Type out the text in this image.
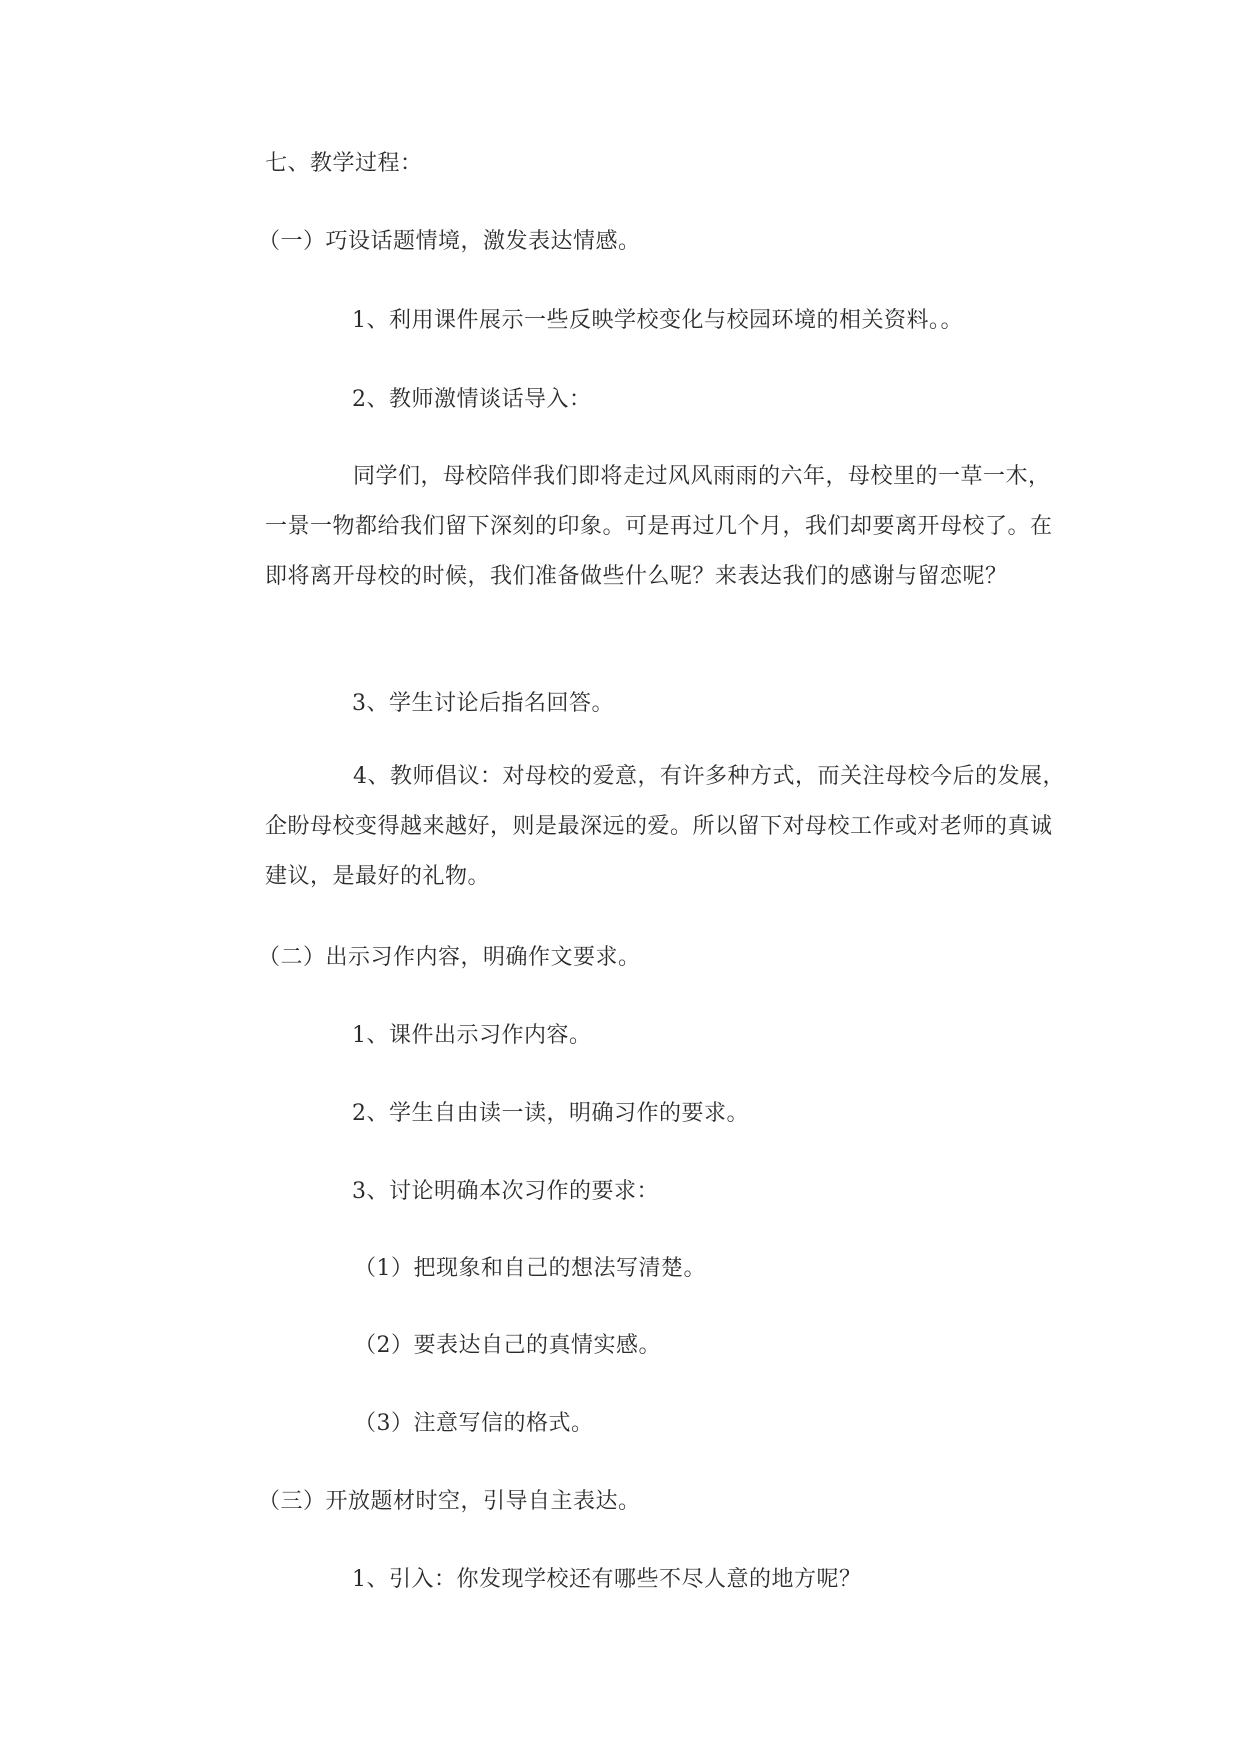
七、教学过程：
（一）巧设话题情境，激发表达情感。
1、利用课件展示一些反映学校变化与校园环境的相关资料。。
2、教师激情谈话导入：
同学们，母校陪伴我们即将走过风风雨雨的六年，母校里的一草一木，一景一物都给我们留下深刻的印象。可是再过几个月，我们却要离开母校了。在即将离开母校的时候，我们准备做些什么呢？来表达我们的感谢与留恋呢？
3、学生讨论后指名回答。
4、教师倡议：对母校的爱意，有许多种方式，而关注母校今后的发展，企盼母校变得越来越好，则是最深远的爱。所以留下对母校工作或对老师的真诚建议，是最好的礼物。
（二）出示习作内容，明确作文要求。
1、课件出示习作内容。
2、学生自由读一读，明确习作的要求。
3、讨论明确本次习作的要求：
（1）把现象和自己的想法写清楚。
（2）要表达自己的真情实感。
（3）注意写信的格式。
（三）开放题材时空，引导自主表达。
1、引入：你发现学校还有哪些不尽人意的地方呢？
